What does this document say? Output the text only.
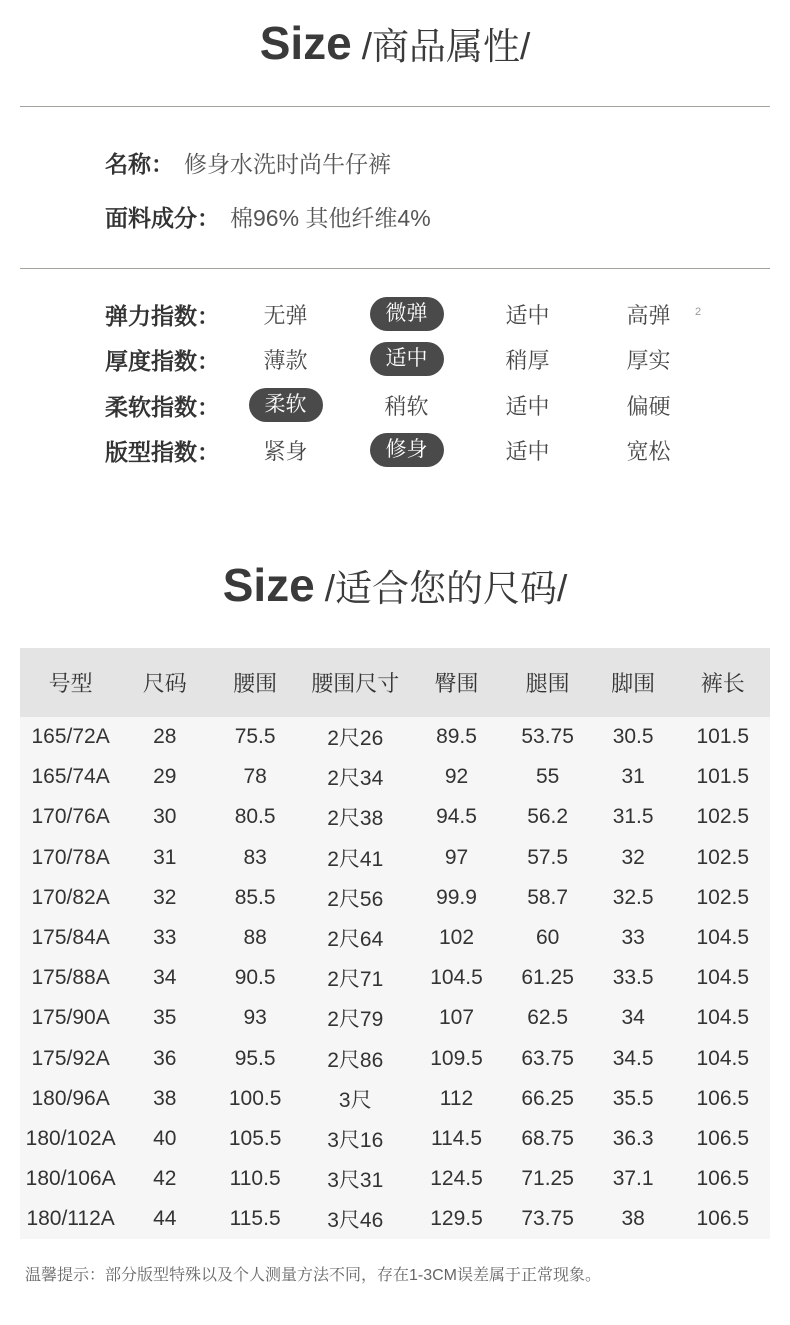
Size /商品属性/
名称： 修身水洗时尚牛仔裤
面料成分： 棉96% 其他纤维4%
2
弹力指数：	无弹	微弹	适中	高弹
厚度指数：	薄款	适中	稍厚	厚实
柔软指数：	柔软	稍软	适中	偏硬
版型指数：	紧身	修身	适中	宽松
Size /适合您的尺码/
号型	尺码	腰围	腰围尺寸	臀围	腿围	脚围	裤长
165/72A	28	75.5	2尺26	89.5	53.75	30.5	101.5
165/74A	29	78	2尺34	92	55	31	101.5
170/76A	30	80.5	2尺38	94.5	56.2	31.5	102.5
170/78A	31	83	2尺41	97	57.5	32	102.5
170/82A	32	85.5	2尺56	99.9	58.7	32.5	102.5
175/84A	33	88	2尺64	102	60	33	104.5
175/88A	34	90.5	2尺71	104.5	61.25	33.5	104.5
175/90A	35	93	2尺79	107	62.5	34	104.5
175/92A	36	95.5	2尺86	109.5	63.75	34.5	104.5
180/96A	38	100.5	3尺	112	66.25	35.5	106.5
180/102A	40	105.5	3尺16	114.5	68.75	36.3	106.5
180/106A	42	110.5	3尺31	124.5	71.25	37.1	106.5
180/112A	44	115.5	3尺46	129.5	73.75	38	106.5
温馨提示：部分版型特殊以及个人测量方法不同，存在1-3CM误差属于正常现象。
